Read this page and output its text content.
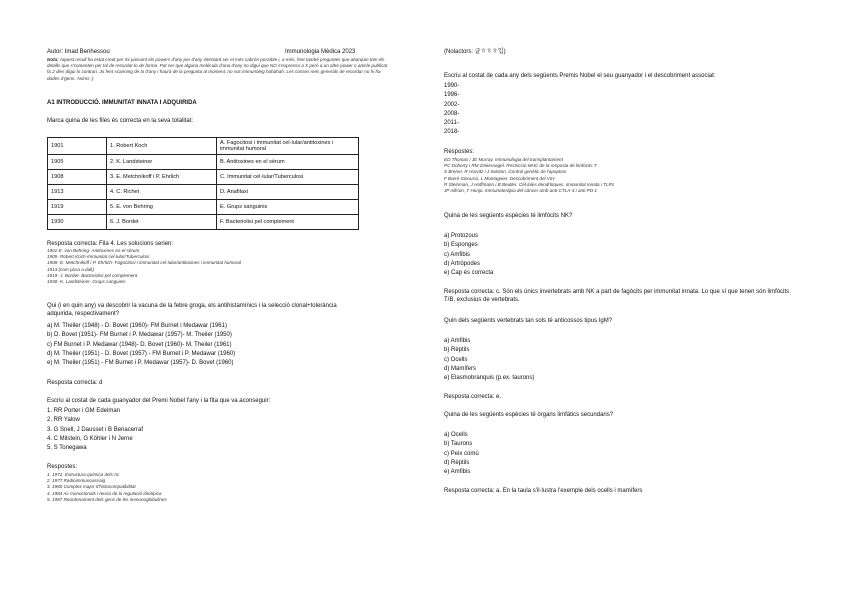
Autor: Imad Benhessou	Immunologia Mèdica 2023
Nota: Aquest recull ha estat creat per mi passant els powers d'any per d'any intentant ser el més cabrón possible i, a més, fent també preguntes que abarquin tots els detalls que s'comenten per tal de recordar-lo de forma. Pot ser que alguna molècula d'una d'any no digui que NO s'expressa a X però a un altre power o article publicat fa 2 dies digui lo contrari. Jo fent scanning de la d'any i haurà de la pregunta al moment, no soc immunòleg hahahah. Les cosses més generals de recordar no hi ha dades d'gens. Ànims :)
A1 INTRODUCCIÓ. IMMUNITAT INNATA I ADQUIRIDA
Marca quina de les files és correcta en la seva totalitat:
1901	1. Robert Koch	A. Fagocitosi i immunitat cel·lular/antitoxines i immunitat humoral
1905	2. K. Landsteiner	B. Antitoxines en el sèrum
1908	3. E. Metchnikoff i P. Ehrlich	C. Immunitat cel·lular/Tuberculosi
1913	4. C. Richet	D. Anafilaxi
1919	5. E. von Behring	E. Grups sanguinis
1930	6. J. Bordet	F. Bacteriolisi pel complement
Resposta correcta: Fila 4. Les solucions serien:
1901-E. von Behring- Antitoxines en el sèrum
1905- Robert Koch-Immunitat cel·lular/Tuberculosi
1908- E. Metchnikoff i P. Ehrlich- Fagocitosi i immunitat cel·lular/antitoxines i immunitat humoral
1913 (com posa a dalt)
1919- J. Bordet- Bacteriolisi pel complement
1930- K. Landsteiner- Grups sanguinis
Qui (i en quin any) va descobrir la vacuna de la febre groga, els antihistamínics i la selecció clonal+tolerància adquirida, respectivament?
a) M. Theiler (1948) - D. Bovet (1960)- FM Burnet i Medawar (1961)
b) D. Bovet (1951)- FM Burnet i P. Medawar (1957)- M. Theiler (1950)
c) FM Burnet i P. Medawar (1948)- D. Bovet (1960)- M. Theiler (1961)
d) M. Theiler (1951) - D. Bovet (1957) - FM Burnet i P. Medawar (1960)
e) M. Theiler (1951) - FM Burnet i P. Medawar (1957)- D. Bovet (1960)
Resposta correcta: d
Escriu al costat de cada guanyador del Premi Nobel l'any i la fita que va aconseguir:
1. RR Porter i GM Edelman
2. RR Yalow
3. G Snell, J Dausset i B Benacerraf
4. C Milstein, G Köhler i N Jerne
5. S Tonegawa
Respostes:
1. 1972. Estructura química dels Ac
2. 1977 Radioimmunoassaig
3. 1980 Complex major d'histocompatibilitat
4. 1984 Ac monoclonals i teoria de la regulació idiotípica
5. 1987 Reordenament dels gens de les immunoglobulines
(Nolactors: 글ㅎㅎㅎ입)
Escriu al costat de cada any dels següents Premis Nobel el seu guanyador i el descobriment associat:
1990-
1996-
2002-
2008-
2011-
2018-
Respostes:
ED Thomas i JE Murray. Immunologia del transplantament
PC Doherty i RM Zinkernagel. Restricció MHC de la resposta de limfòcits T
S Brener, R Horvitz i J Sulston. Control genètic de l'apoptosi
F Barré-Sinoussi, L Montagnier. Descobriment del VIH
R Steinman, J Hoffmann i B Beutler. Cèl·lules dendrítiques, immunitat innata i TLRs
JP Allison, T Honjo. Immunoteràpia del càncer amb anti-CTLA-4 i anti PD-1
Quina de les següents espècies té limfòcits NK?
a) Protozous
b) Esponges
c) Amfibis
d) Artròpodes
e) Cap és correcta
Resposta correcta: c. Són els únics invertebrats amb NK a part de fagòcits per immunitat innata. Lo que sí que tenen són limfòcits T/B, exclusius de vertebrats.
Quin dels següents vertebrats tan sols té anticossos tipus IgM?
a) Amfibis
b) Rèptils
c) Ocells
d) Mamífers
e) Elasmobranquis (p.ex. taurons)
Resposta correcta: e.
Quina de les següents espècies té òrgans limfàtics secundaris?
a) Ocells
b) Taurons
c) Peix comú
d) Rèptils
e) Amfibis
Resposta correcta: a. En la taula s'il·lustra l'exemple dels ocells i mamífers
